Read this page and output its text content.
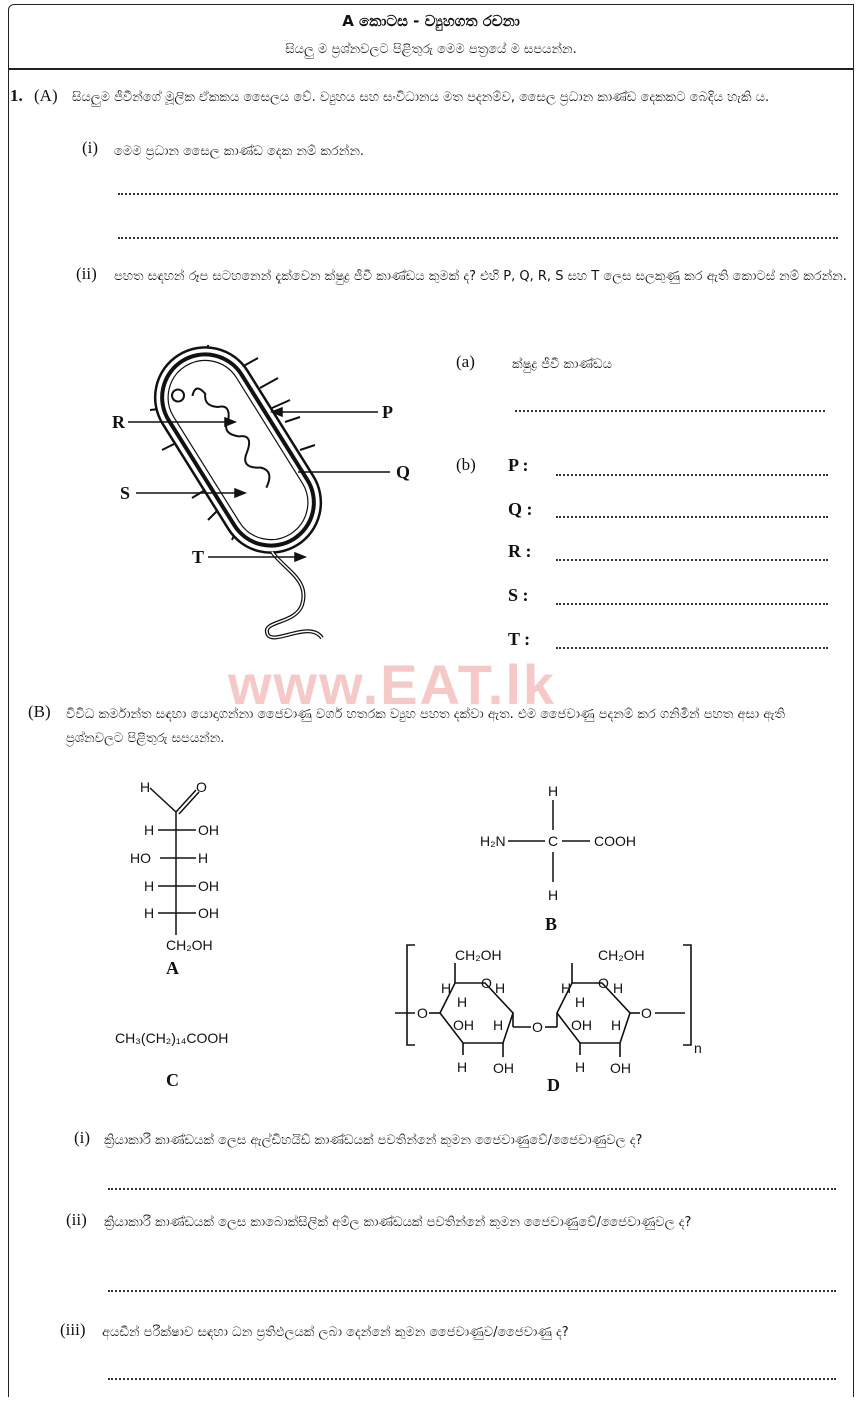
A කොටස - ව්‍යුහගත රචනා
සියලු ම ප්‍රශ්නවලට පිළිතුරු මෙම පත්‍රයේ ම සපයන්න.
1. (A) සියලුම ජීවීන්ගේ මූලික ඒකකය සෛලය වේ. ව්‍යුහය සහ සංවිධානය මත පදනම්ව, සෛල ප්‍රධාන කාණ්ඩ දෙකකට බෙදිය හැකි ය.
(i) මෙම ප්‍රධාන සෛල කාණ්ඩ දෙක නම් කරන්න.
(ii) පහත සඳහන් රූප සටහනෙන් දැක්වෙන ක්ෂුද්‍ර ජීවී කාණ්ඩය කුමක් ද? එහි P, Q, R, S සහ T ලෙස සලකුණු කර ඇති කොටස් නම් කරන්න.
P
Q
R
S
T
(a)	ක්ෂුද්‍ර ජීවී කාණ්ඩය
(b) P :
Q :
R :
S :
T :
www.EAT.lk
(B) විවිධ කර්මාන්ත සඳහා යොදාගන්නා ජෛවාණු වර්ග හතරක ව්‍යුහ පහත දක්වා ඇත. එම ජෛවාණු පදනම් කර ගනිමින් පහත අසා ඇති ප්‍රශ්නවලට පිළිතුරු සපයන්න.
H	O
H	OH
HO	H
H	OH
H	OH
CH₂OH
A
H
H₂N	C	COOH
H
B
CH₃(CH₂)₁₄COOH
C
CH₂OH	CH₂OH
O
O	O
O
O
H
H
H
H
OH
H OH
H
H
H
H
OH
H OH
n
D
(i) ක්‍රියාකාරී කාණ්ඩයක් ලෙස ඇල්ඩිහයිඩ් කාණ්ඩයක් පවතින්නේ කුමන ජෛවාණුවේ/ජෛවාණුවල ද?
(ii) ක්‍රියාකාරී කාණ්ඩයක් ලෙස කාබොක්සිලික් අම්ල කාණ්ඩයක් පවතින්නේ කුමන ජෛවාණුවේ/ජෛවාණුවල ද?
(iii) අයඩීන් පරීක්ෂාව සඳහා ධන ප්‍රතිඵලයක් ලබා දෙන්නේ කුමන ජෛවාණුව/ජෛවාණු ද?
